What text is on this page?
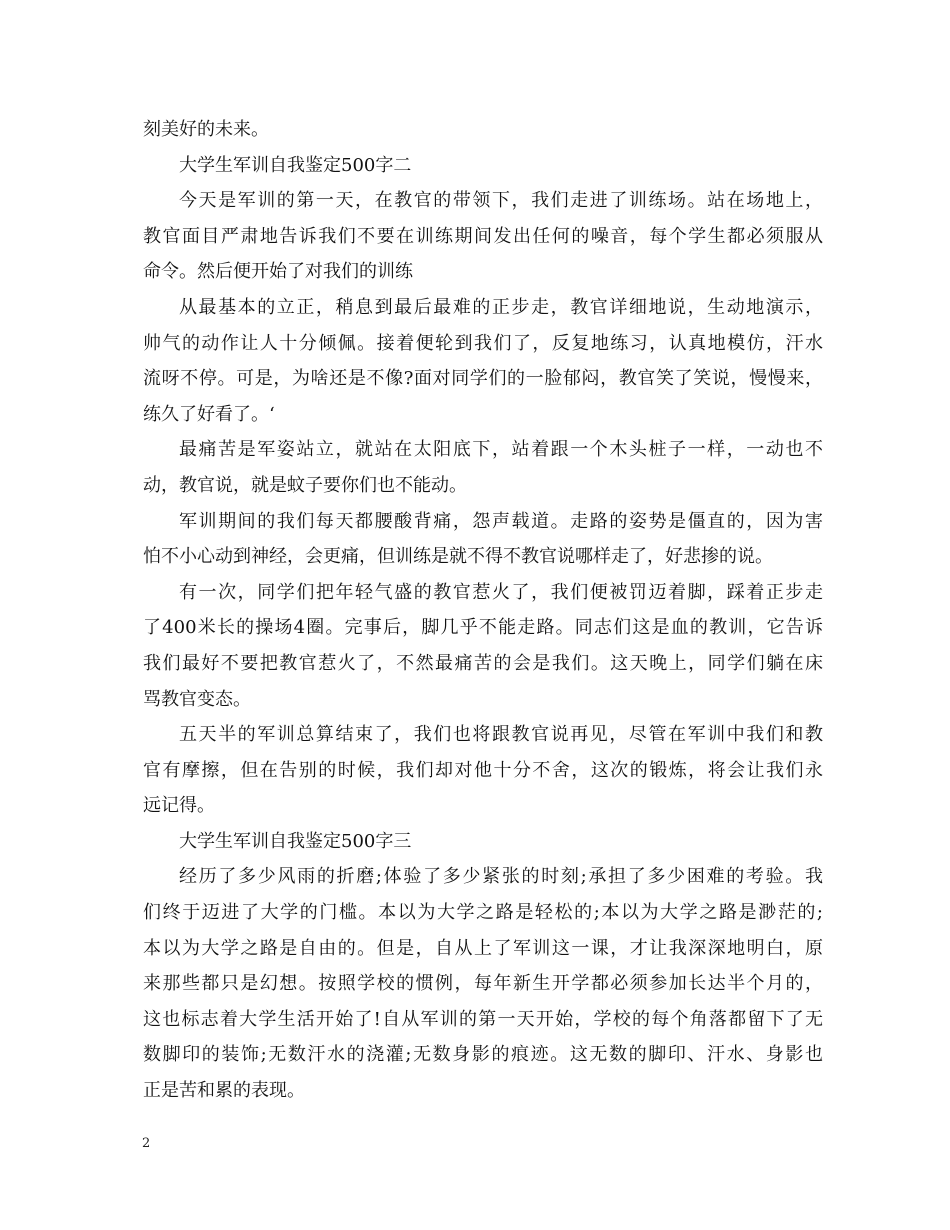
刻美好的未来。
大学生军训自我鉴定500字二
今天是军训的第一天，在教官的带领下，我们走进了训练场。站在场地上，
教官面目严肃地告诉我们不要在训练期间发出任何的噪音，每个学生都必须服从
命令。然后便开始了对我们的训练
从最基本的立正，稍息到最后最难的正步走，教官详细地说，生动地演示，
帅气的动作让人十分倾佩。接着便轮到我们了，反复地练习，认真地模仿，汗水
流呀不停。可是，为啥还是不像?面对同学们的一脸郁闷，教官笑了笑说，慢慢来，
练久了好看了。‘
最痛苦是军姿站立，就站在太阳底下，站着跟一个木头桩子一样，一动也不
动，教官说，就是蚊子要你们也不能动。
军训期间的我们每天都腰酸背痛，怨声载道。走路的姿势是僵直的，因为害
怕不小心动到神经，会更痛，但训练是就不得不教官说哪样走了，好悲掺的说。
有一次，同学们把年轻气盛的教官惹火了，我们便被罚迈着脚，踩着正步走
了400米长的操场4圈。完事后，脚几乎不能走路。同志们这是血的教训，它告诉
我们最好不要把教官惹火了，不然最痛苦的会是我们。这天晚上，同学们躺在床
骂教官变态。
五天半的军训总算结束了，我们也将跟教官说再见，尽管在军训中我们和教
官有摩擦，但在告别的时候，我们却对他十分不舍，这次的锻炼，将会让我们永
远记得。
大学生军训自我鉴定500字三
经历了多少风雨的折磨;体验了多少紧张的时刻;承担了多少困难的考验。我
们终于迈进了大学的门槛。本以为大学之路是轻松的;本以为大学之路是渺茫的;
本以为大学之路是自由的。但是，自从上了军训这一课，才让我深深地明白，原
来那些都只是幻想。按照学校的惯例，每年新生开学都必须参加长达半个月的，
这也标志着大学生活开始了!自从军训的第一天开始，学校的每个角落都留下了无
数脚印的装饰;无数汗水的浇灌;无数身影的痕迹。这无数的脚印、汗水、身影也
正是苦和累的表现。
2
